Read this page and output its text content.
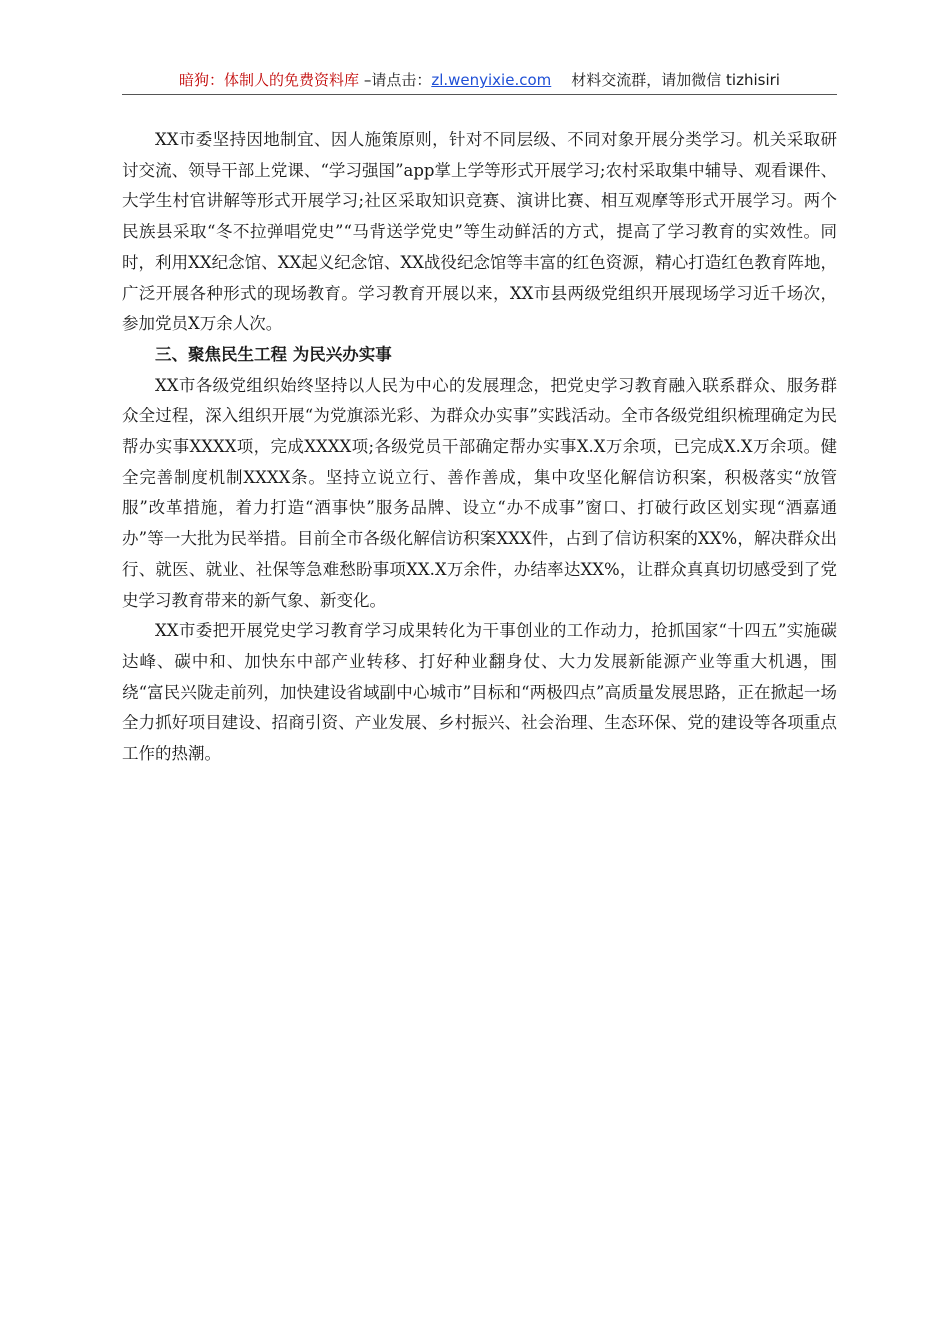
暗狗：体制人的免费资料库 –请点击：zl.wenyixie.com 材料交流群，请加微信 tizhisiri

XX市委坚持因地制宜、因人施策原则，针对不同层级、不同对象开展分类学习。机关采取研讨交流、领导干部上党课、“学习强国”app掌上学等形式开展学习;农村采取集中辅导、观看课件、大学生村官讲解等形式开展学习;社区采取知识竞赛、演讲比赛、相互观摩等形式开展学习。两个民族县采取“冬不拉弹唱党史”“马背送学党史”等生动鲜活的方式，提高了学习教育的实效性。同时，利用XX纪念馆、XX起义纪念馆、XX战役纪念馆等丰富的红色资源，精心打造红色教育阵地，广泛开展各种形式的现场教育。学习教育开展以来，XX市县两级党组织开展现场学习近千场次，参加党员X万余人次。

三、聚焦民生工程 为民兴办实事

XX市各级党组织始终坚持以人民为中心的发展理念，把党史学习教育融入联系群众、服务群众全过程，深入组织开展“为党旗添光彩、为群众办实事”实践活动。全市各级党组织梳理确定为民帮办实事XXXX项，完成XXXX项;各级党员干部确定帮办实事X.X万余项，已完成X.X万余项。健全完善制度机制XXXX条。坚持立说立行、善作善成，集中攻坚化解信访积案，积极落实“放管服”改革措施，着力打造“酒事快”服务品牌、设立“办不成事”窗口、打破行政区划实现“酒嘉通办”等一大批为民举措。目前全市各级化解信访积案XXX件，占到了信访积案的XX%，解决群众出行、就医、就业、社保等急难愁盼事项XX.X万余件，办结率达XX%，让群众真真切切感受到了党史学习教育带来的新气象、新变化。

XX市委把开展党史学习教育学习成果转化为干事创业的工作动力，抢抓国家“十四五”实施碳达峰、碳中和、加快东中部产业转移、打好种业翻身仗、大力发展新能源产业等重大机遇，围绕“富民兴陇走前列，加快建设省域副中心城市”目标和“两极四点”高质量发展思路，正在掀起一场全力抓好项目建设、招商引资、产业发展、乡村振兴、社会治理、生态环保、党的建设等各项重点工作的热潮。
